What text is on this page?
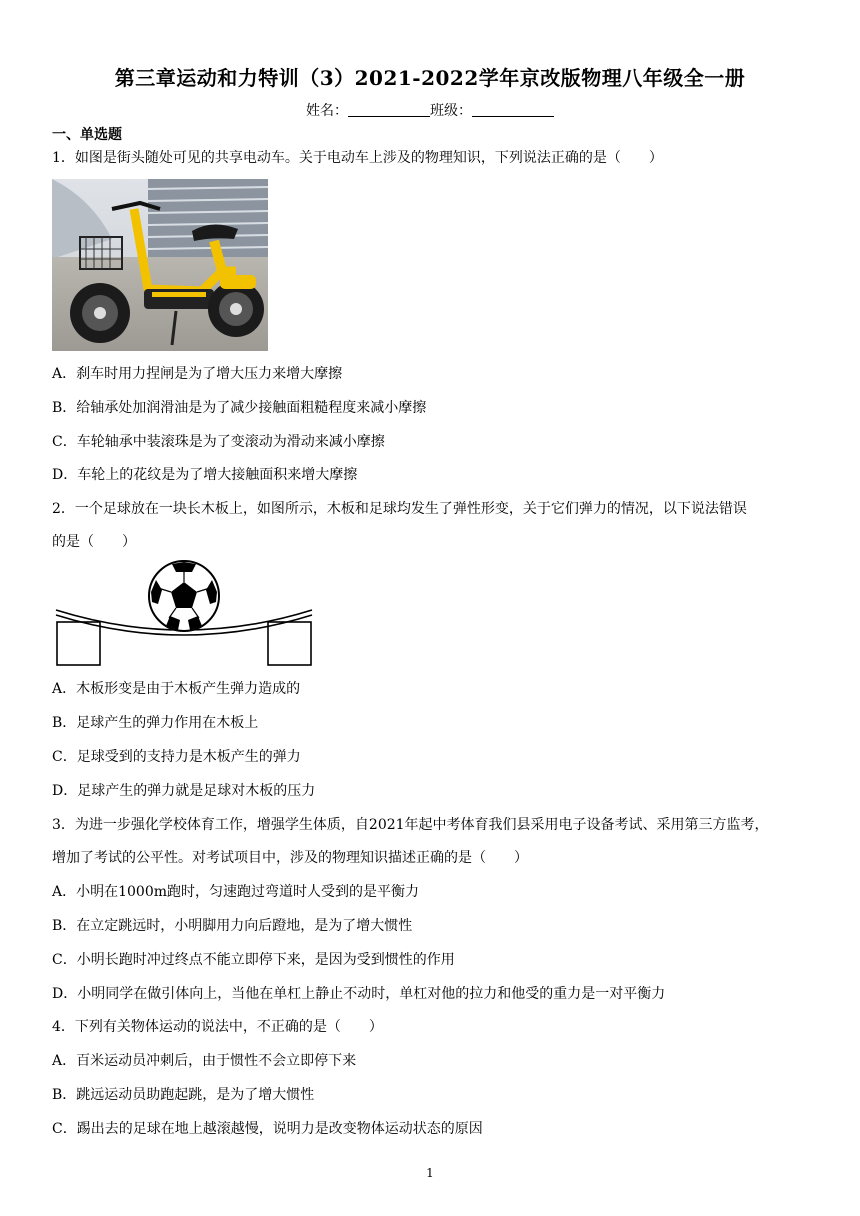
第三章运动和力特训（3）2021-2022学年京改版物理八年级全一册
姓名：	班级：
一、单选题
1．如图是街头随处可见的共享电动车。关于电动车上涉及的物理知识，下列说法正确的是（　　）
A．刹车时用力捏闸是为了增大压力来增大摩擦
B．给轴承处加润滑油是为了减少接触面粗糙程度来减小摩擦
C．车轮轴承中装滚珠是为了变滚动为滑动来减小摩擦
D．车轮上的花纹是为了增大接触面积来增大摩擦
2．一个足球放在一块长木板上，如图所示，木板和足球均发生了弹性形变，关于它们弹力的情况，以下说法错误
的是（　　）
A．木板形变是由于木板产生弹力造成的
B．足球产生的弹力作用在木板上
C．足球受到的支持力是木板产生的弹力
D．足球产生的弹力就是足球对木板的压力
3．为进一步强化学校体育工作，增强学生体质，自2021年起中考体育我们县采用电子设备考试、采用第三方监考，
增加了考试的公平性。对考试项目中，涉及的物理知识描述正确的是（　　）
A．小明在1000m跑时，匀速跑过弯道时人受到的是平衡力
B．在立定跳远时，小明脚用力向后蹬地，是为了增大惯性
C．小明长跑时冲过终点不能立即停下来，是因为受到惯性的作用
D．小明同学在做引体向上，当他在单杠上静止不动时，单杠对他的拉力和他受的重力是一对平衡力
4．下列有关物体运动的说法中，不正确的是（　　）
A．百米运动员冲刺后，由于惯性不会立即停下来
B．跳远运动员助跑起跳，是为了增大惯性
C．踢出去的足球在地上越滚越慢，说明力是改变物体运动状态的原因
1
